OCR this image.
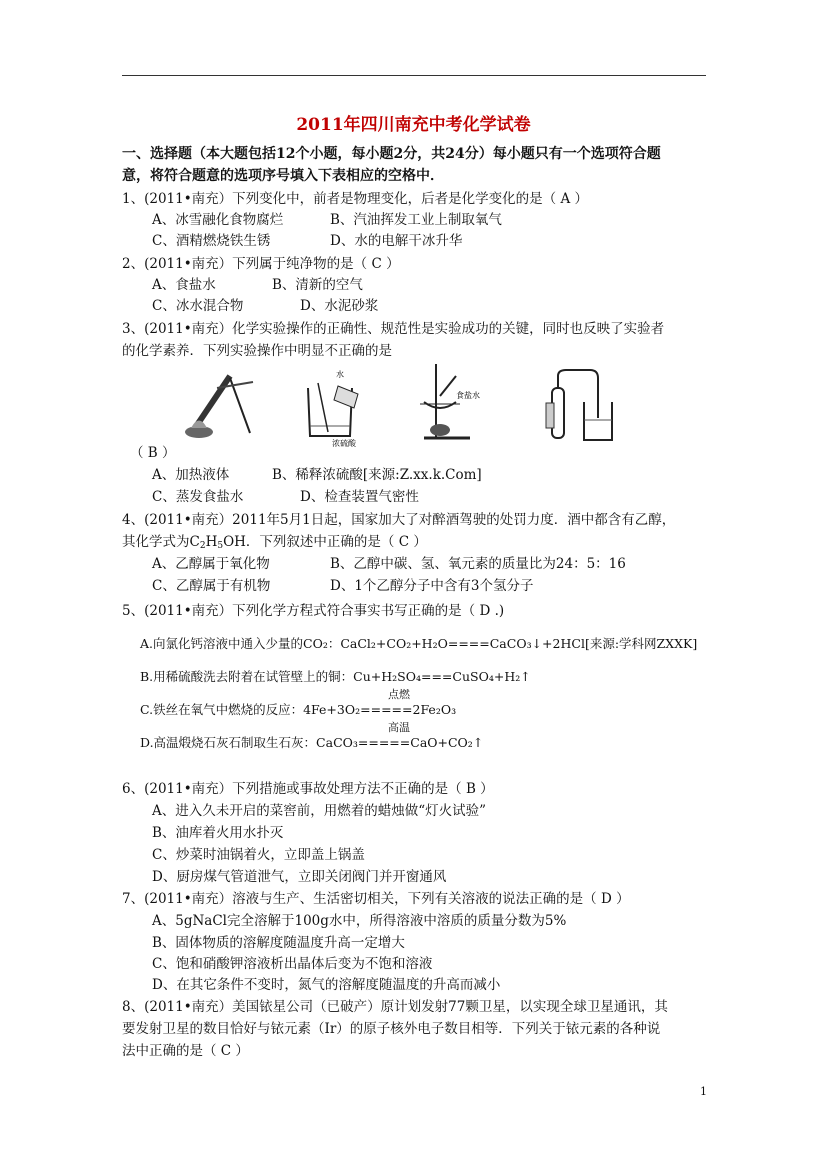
2011年四川南充中考化学试卷
一、选择题（本大题包括12个小题，每小题2分，共24分）每小题只有一个选项符合题
意，将符合题意的选项序号填入下表相应的空格中．
1、(2011•南充）下列变化中，前者是物理变化，后者是化学变化的是（ A ）
A、冰雪融化食物腐烂	B、汽油挥发工业上制取氧气
C、酒精燃烧铁生锈	D、水的电解干冰升华
2、(2011•南充）下列属于纯净物的是（ C ）
A、食盐水	B、清新的空气
C、冰水混合物	D、水泥砂浆
3、(2011•南充）化学实验操作的正确性、规范性是实验成功的关键，同时也反映了实验者
的化学素养．下列实验操作中明显不正确的是
水
浓硫酸
食盐水
（ B ）
A、加热液体	B、稀释浓硫酸[来源:Z.xx.k.Com]
C、蒸发食盐水	D、检查装置气密性
4、(2011•南充）2011年5月1日起，国家加大了对醉酒驾驶的处罚力度．酒中都含有乙醇，
其化学式为$C_2H_5OH$．下列叙述中正确的是（ C ）
A、乙醇属于氧化物	B、乙醇中碳、氢、氧元素的质量比为24：5：16
C、乙醇属于有机物	D、1个乙醇分子中含有3个氢分子
5、(2011•南充）下列化学方程式符合事实书写正确的是（ D .)
A.向氯化钙溶液中通入少量的CO₂：CaCl₂+CO₂+H₂O====CaCO₃↓+2HCl[来源:学科网ZXXK]
B.用稀硫酸洗去附着在试管壁上的铜：Cu+H₂SO₄===CuSO₄+H₂↑
点燃
C.铁丝在氧气中燃烧的反应：4Fe+3O₂=====2Fe₂O₃
高温
D.高温煅烧石灰石制取生石灰：CaCO₃=====CaO+CO₂↑
6、(2011•南充）下列措施或事故处理方法不正确的是（ B ）
A、进入久未开启的菜窖前，用燃着的蜡烛做“灯火试验”
B、油库着火用水扑灭
C、炒菜时油锅着火，立即盖上锅盖
D、厨房煤气管道泄气，立即关闭阀门并开窗通风
7、(2011•南充）溶液与生产、生活密切相关，下列有关溶液的说法正确的是（ D ）
A、5gNaCl完全溶解于100g水中，所得溶液中溶质的质量分数为5%
B、固体物质的溶解度随温度升高一定增大
C、饱和硝酸钾溶液析出晶体后变为不饱和溶液
D、在其它条件不变时，氮气的溶解度随温度的升高而减小
8、(2011•南充）美国铱星公司（已破产）原计划发射77颗卫星，以实现全球卫星通讯，其
要发射卫星的数目恰好与铱元素（Ir）的原子核外电子数目相等．下列关于铱元素的各种说
法中正确的是（ C ）
1
